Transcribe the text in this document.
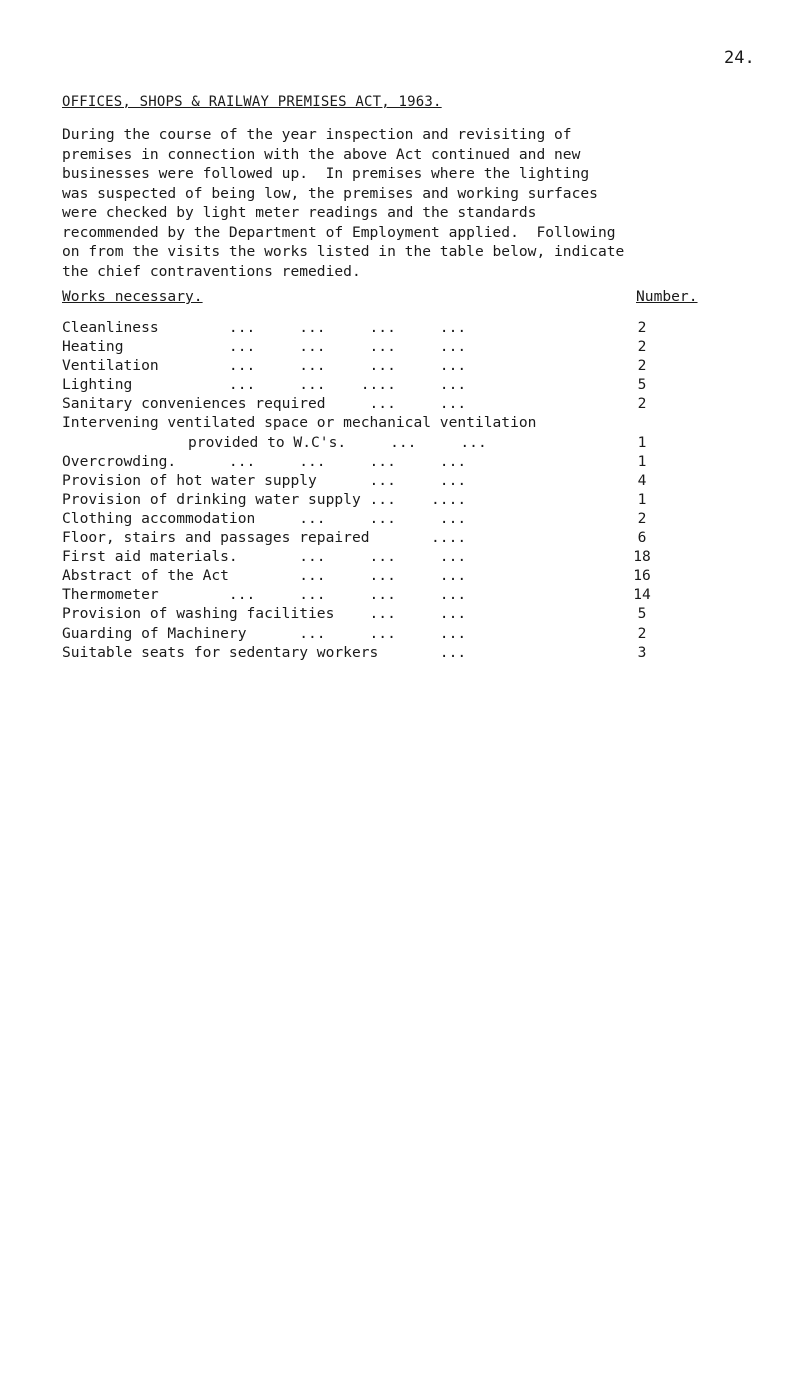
24.
OFFICES, SHOPS & RAILWAY PREMISES ACT, 1963.
During the course of the year inspection and revisiting of
premises in connection with the above Act continued and new
businesses were followed up.  In premises where the lighting
was suspected of being low, the premises and working surfaces
were checked by light meter readings and the standards
recommended by the Department of Employment applied.  Following
on from the visits the works listed in the table below, indicate
the chief contraventions remedied.
Works necessary.	Number.
Cleanliness        ...     ...     ...     ...	2
Heating            ...     ...     ...     ...	2
Ventilation        ...     ...     ...     ...	2
Lighting           ...     ...    ....     ...	5
Sanitary conveniences required     ...     ...	2
Intervening ventilated space or mechanical ventilation
provided to W.C's.     ...     ...	1
Overcrowding.      ...     ...     ...     ...	1
Provision of hot water supply      ...     ...	4
Provision of drinking water supply ...    ....	1
Clothing accommodation     ...     ...     ...	2
Floor, stairs and passages repaired       ....	6
First aid materials.       ...     ...     ...	18
Abstract of the Act        ...     ...     ...	16
Thermometer        ...     ...     ...     ...	14
Provision of washing facilities    ...     ...	5
Guarding of Machinery      ...     ...     ...	2
Suitable seats for sedentary workers       ...	3
